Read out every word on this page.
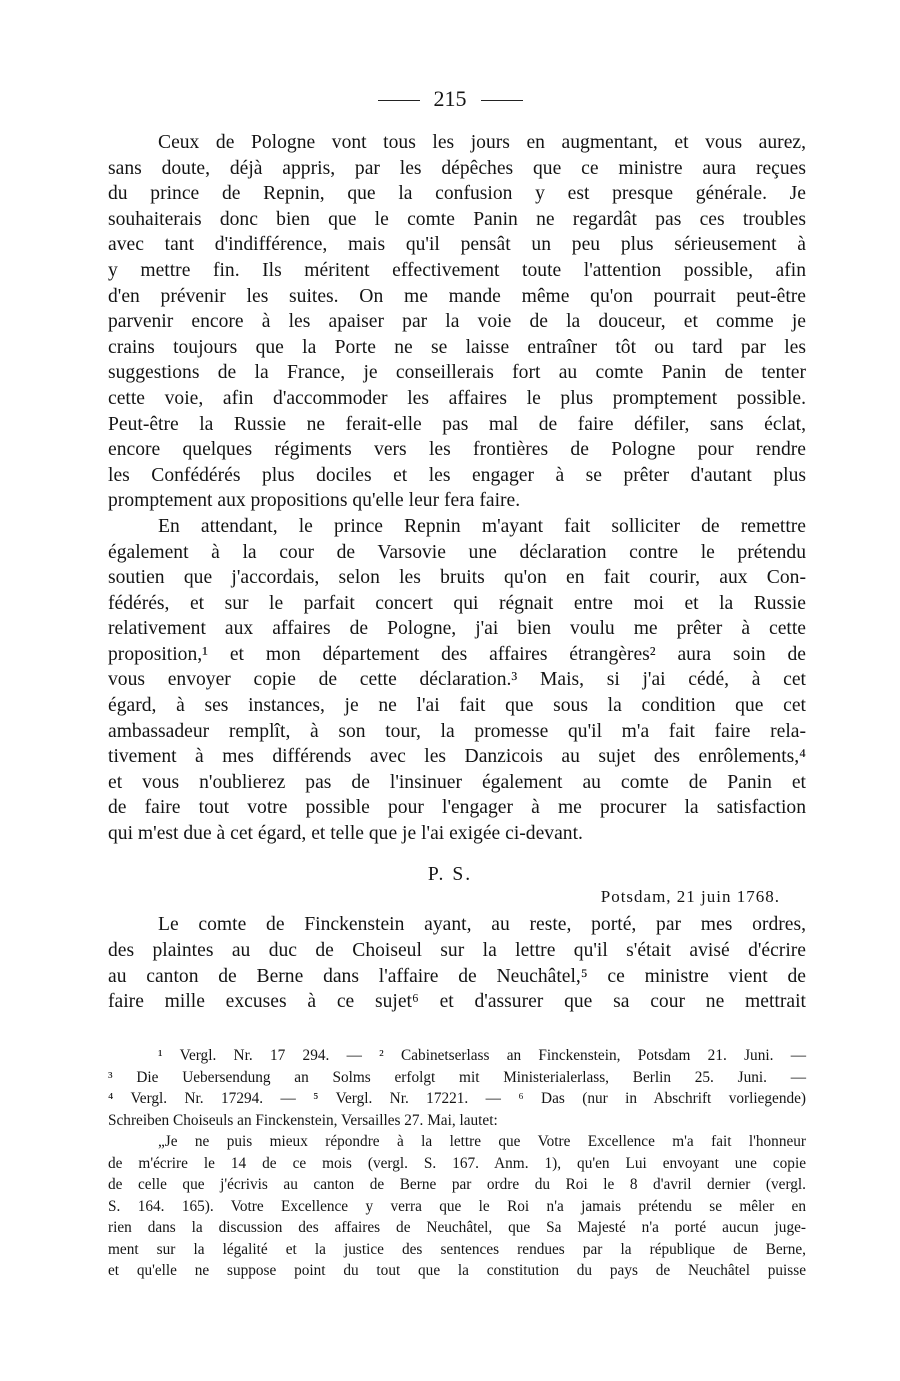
215
Ceux de Pologne vont tous les jours en augmentant, et vous aurez,
sans doute, déjà appris, par les dépêches que ce ministre aura reçues
du prince de Repnin, que la confusion y est presque générale. Je
souhaiterais donc bien que le comte Panin ne regardât pas ces troubles
avec tant d'indifférence, mais qu'il pensât un peu plus sérieusement à
y mettre fin. Ils méritent effectivement toute l'attention possible, afin
d'en prévenir les suites. On me mande même qu'on pourrait peut-être
parvenir encore à les apaiser par la voie de la douceur, et comme je
crains toujours que la Porte ne se laisse entraîner tôt ou tard par les
suggestions de la France, je conseillerais fort au comte Panin de tenter
cette voie, afin d'accommoder les affaires le plus promptement possible.
Peut-être la Russie ne ferait-elle pas mal de faire défiler, sans éclat,
encore quelques régiments vers les frontières de Pologne pour rendre
les Confédérés plus dociles et les engager à se prêter d'autant plus
promptement aux propositions qu'elle leur fera faire.
En attendant, le prince Repnin m'ayant fait solliciter de remettre
également à la cour de Varsovie une déclaration contre le prétendu
soutien que j'accordais, selon les bruits qu'on en fait courir, aux Con-
fédérés, et sur le parfait concert qui régnait entre moi et la Russie
relativement aux affaires de Pologne, j'ai bien voulu me prêter à cette
proposition,¹ et mon département des affaires étrangères² aura soin de
vous envoyer copie de cette déclaration.³ Mais, si j'ai cédé, à cet
égard, à ses instances, je ne l'ai fait que sous la condition que cet
ambassadeur remplît, à son tour, la promesse qu'il m'a fait faire rela-
tivement à mes différends avec les Danzicois au sujet des enrôlements,⁴
et vous n'oublierez pas de l'insinuer également au comte de Panin et
de faire tout votre possible pour l'engager à me procurer la satisfaction
qui m'est due à cet égard, et telle que je l'ai exigée ci-devant.
P. S.
Potsdam, 21 juin 1768.
Le comte de Finckenstein ayant, au reste, porté, par mes ordres,
des plaintes au duc de Choiseul sur la lettre qu'il s'était avisé d'écrire
au canton de Berne dans l'affaire de Neuchâtel,⁵ ce ministre vient de
faire mille excuses à ce sujet⁶ et d'assurer que sa cour ne mettrait
¹ Vergl. Nr. 17 294. — ² Cabinetserlass an Finckenstein, Potsdam 21. Juni. —
³ Die Uebersendung an Solms erfolgt mit Ministerialerlass, Berlin 25. Juni. —
⁴ Vergl. Nr. 17294. — ⁵ Vergl. Nr. 17221. — ⁶ Das (nur in Abschrift vorliegende)
Schreiben Choiseuls an Finckenstein, Versailles 27. Mai, lautet:
„Je ne puis mieux répondre à la lettre que Votre Excellence m'a fait l'honneur
de m'écrire le 14 de ce mois (vergl. S. 167. Anm. 1), qu'en Lui envoyant une copie
de celle que j'écrivis au canton de Berne par ordre du Roi le 8 d'avril dernier (vergl.
S. 164. 165). Votre Excellence y verra que le Roi n'a jamais prétendu se mêler en
rien dans la discussion des affaires de Neuchâtel, que Sa Majesté n'a porté aucun juge-
ment sur la légalité et la justice des sentences rendues par la république de Berne,
et qu'elle ne suppose point du tout que la constitution du pays de Neuchâtel puisse
